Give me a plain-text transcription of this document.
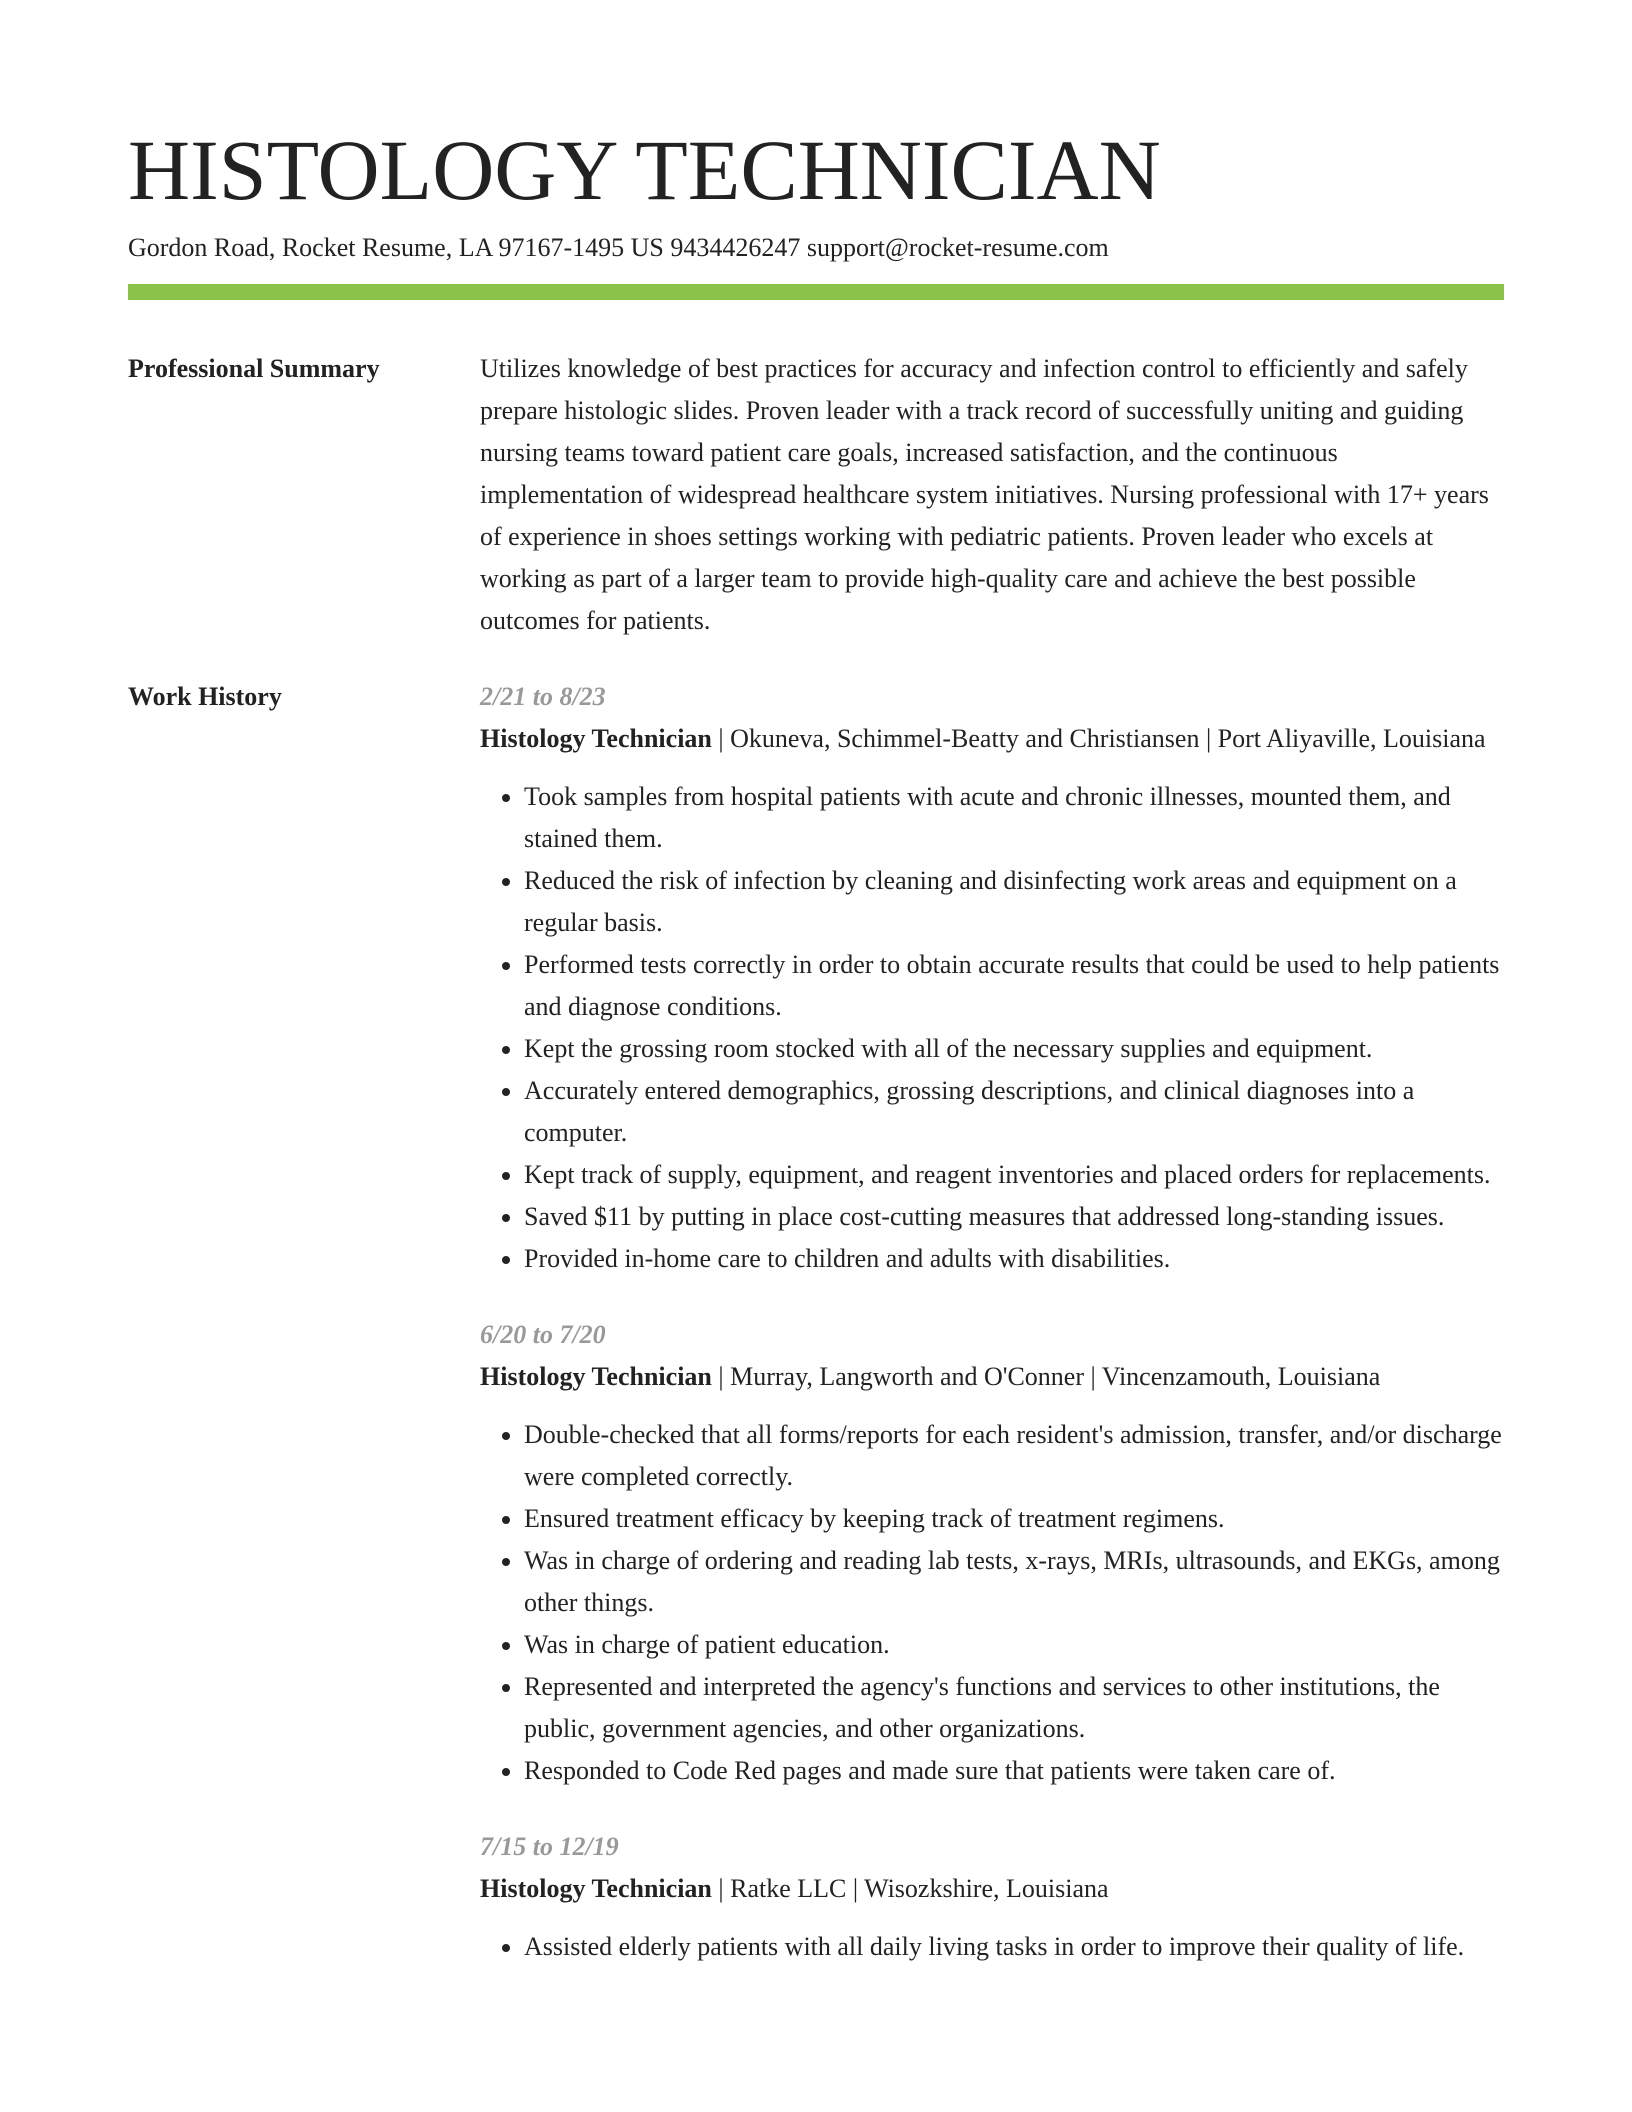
HISTOLOGY TECHNICIAN
Gordon Road, Rocket Resume, LA 97167-1495 US 9434426247 support@rocket-resume.com
Professional Summary	Utilizes knowledge of best practices for accuracy and infection control to efficiently and safely prepare histologic slides. Proven leader with a track record of successfully uniting and guiding nursing teams toward patient care goals, increased satisfaction, and the continuous implementation of widespread healthcare system initiatives. Nursing professional with 17+ years of experience in shoes settings working with pediatric patients. Proven leader who excels at working as part of a larger team to provide high-quality care and achieve the best possible outcomes for patients.

Work History	2/21 to 8/23
Histology Technician | Okuneva, Schimmel-Beatty and Christiansen | Port Aliyaville, Louisiana
• Took samples from hospital patients with acute and chronic illnesses, mounted them, and stained them.
• Reduced the risk of infection by cleaning and disinfecting work areas and equipment on a regular basis.
• Performed tests correctly in order to obtain accurate results that could be used to help patients and diagnose conditions.
• Kept the grossing room stocked with all of the necessary supplies and equipment.
• Accurately entered demographics, grossing descriptions, and clinical diagnoses into a computer.
• Kept track of supply, equipment, and reagent inventories and placed orders for replacements.
• Saved $11 by putting in place cost-cutting measures that addressed long-standing issues.
• Provided in-home care to children and adults with disabilities.
6/20 to 7/20
Histology Technician | Murray, Langworth and O'Conner | Vincenzamouth, Louisiana
• Double-checked that all forms/reports for each resident's admission, transfer, and/or discharge were completed correctly.
• Ensured treatment efficacy by keeping track of treatment regimens.
• Was in charge of ordering and reading lab tests, x-rays, MRIs, ultrasounds, and EKGs, among other things.
• Was in charge of patient education.
• Represented and interpreted the agency's functions and services to other institutions, the public, government agencies, and other organizations.
• Responded to Code Red pages and made sure that patients were taken care of.
7/15 to 12/19
Histology Technician | Ratke LLC | Wisozkshire, Louisiana
• Assisted elderly patients with all daily living tasks in order to improve their quality of life.
